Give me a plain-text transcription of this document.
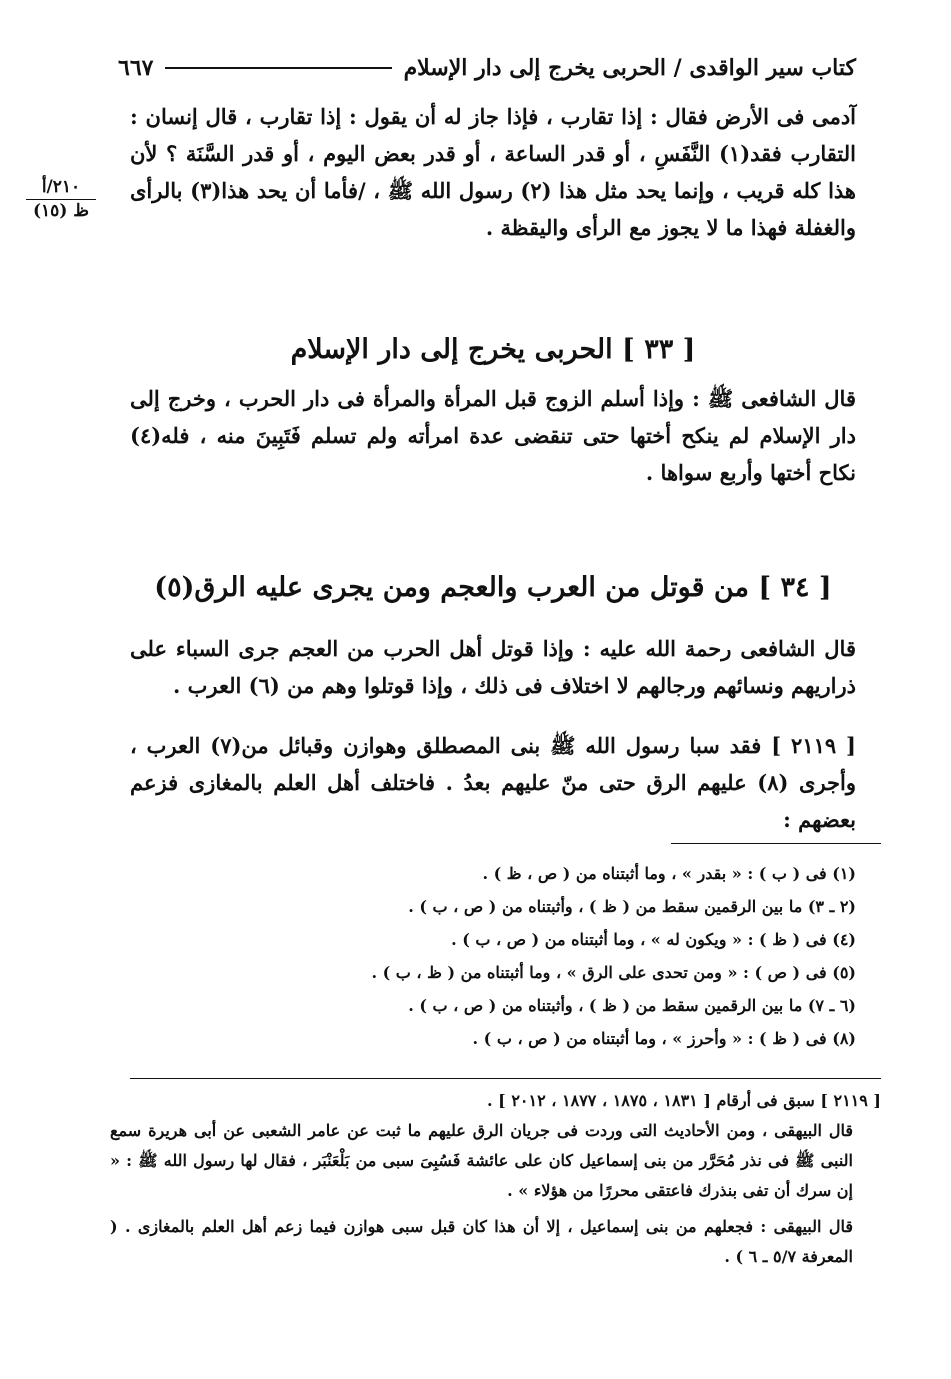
كتاب سير الواقدى / الحربى يخرج إلى دار الإسلام
٦٦٧
٢١٠/أ
ظ (١٥)

آدمى فى الأرض فقال : إذا تقارب ، فإذا جاز له أن يقول : إذا تقارب ، قال إنسان : التقارب فقد(١) النَّفَسِ ، أو قدر الساعة ، أو قدر بعض اليوم ، أو قدر السَّنَة ؟ لأن هذا كله قريب ، وإنما يحد مثل هذا (٢) رسول الله ﷺ ، /فأما أن يحد هذا(٣) بالرأى والغفلة فهذا ما لا يجوز مع الرأى واليقظة .

[ ٣٣ ] الحربى يخرج إلى دار الإسلام

قال الشافعى ﷺ : وإذا أسلم الزوج قبل المرأة والمرأة فى دار الحرب ، وخرج إلى دار الإسلام لم ينكح أختها حتى تنقضى عدة امرأته ولم تسلم فَتَبِينَ منه ، فله(٤) نكاح أختها وأربع سواها .

[ ٣٤ ] من قوتل من العرب والعجم ومن يجرى عليه الرق(٥)

قال الشافعى رحمة الله عليه : وإذا قوتل أهل الحرب من العجم جرى السباء على ذراريهم ونسائهم ورجالهم لا اختلاف فى ذلك ، وإذا قوتلوا وهم من (٦) العرب .

[ ٢١١٩ ] فقد سبا رسول الله ﷺ بنى المصطلق وهوازن وقبائل من(٧) العرب ، وأجرى (٨) عليهم الرق حتى منّ عليهم بعدُ . فاختلف أهل العلم بالمغازى فزعم بعضهم :

(١) فى ( ب ) : « بقدر » ، وما أثبتناه من ( ص ، ظ ) .
(٢ ـ ٣) ما بين الرقمين سقط من ( ظ ) ، وأثبتناه من ( ص ، ب ) .
(٤) فى ( ظ ) : « ويكون له » ، وما أثبتناه من ( ص ، ب ) .
(٥) فى ( ص ) : « ومن تحدى على الرق » ، وما أثبتناه من ( ظ ، ب ) .
(٦ ـ ٧) ما بين الرقمين سقط من ( ظ ) ، وأثبتناه من ( ص ، ب ) .
(٨) فى ( ظ ) : « وأحرز » ، وما أثبتناه من ( ص ، ب ) .
[ ٢١١٩ ] سبق فى أرقام [ ١٨٣١ ، ١٨٧٥ ، ١٨٧٧ ، ٢٠١٢ ] .
قال البيهقى ، ومن الأحاديث التى وردت فى جريان الرق عليهم ما ثبت عن عامر الشعبى عن أبى هريرة سمع النبى ﷺ فى نذر مُحَرَّر من بنى إسماعيل كان على عائشة فَسُبِىَ سبى من بَلْعَنْبَر ، فقال لها رسول الله ﷺ : « إن سرك أن تفى بنذرك فاعتقى محررًا من هؤلاء » .
قال البيهقى : فجعلهم من بنى إسماعيل ، إلا أن هذا كان قبل سبى هوازن فيما زعم أهل العلم بالمغازى . ( المعرفة ٥/٧ ـ ٦ ) .
